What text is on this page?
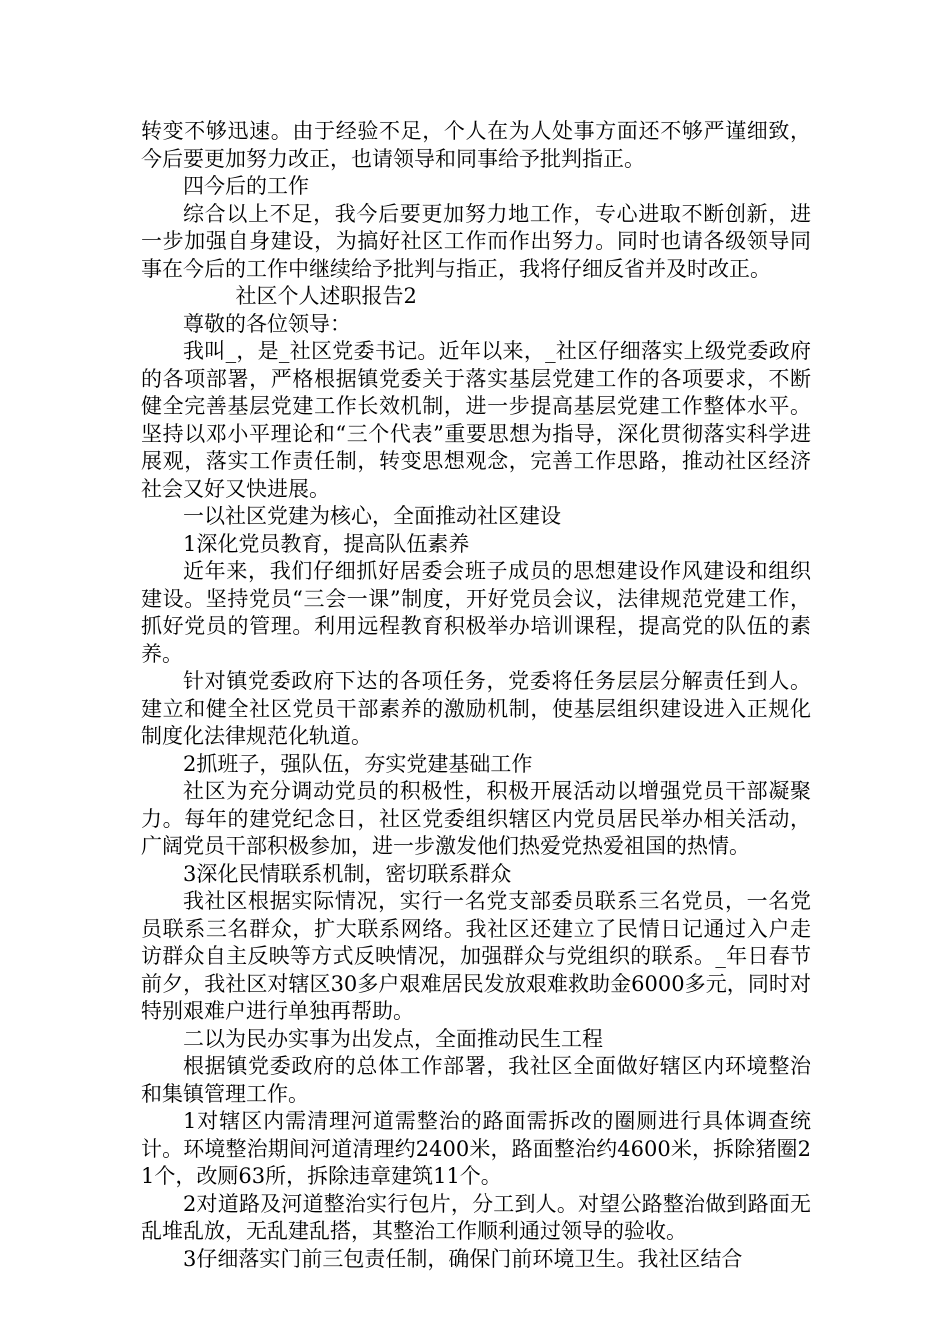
转变不够迅速。由于经验不足，个人在为人处事方面还不够严谨细致，今后要更加努力改正，也请领导和同事给予批判指正。

四今后的工作

综合以上不足，我今后要更加努力地工作，专心进取不断创新，进一步加强自身建设，为搞好社区工作而作出努力。同时也请各级领导同事在今后的工作中继续给予批判与指正，我将仔细反省并及时改正。

社区个人述职报告2

尊敬的各位领导：

我叫_，是_社区党委书记。近年以来，_社区仔细落实上级党委政府的各项部署，严格根据镇党委关于落实基层党建工作的各项要求，不断健全完善基层党建工作长效机制，进一步提高基层党建工作整体水平。坚持以邓小平理论和“三个代表”重要思想为指导，深化贯彻落实科学进展观，落实工作责任制，转变思想观念，完善工作思路，推动社区经济社会又好又快进展。

一以社区党建为核心，全面推动社区建设

1深化党员教育，提高队伍素养

近年来，我们仔细抓好居委会班子成员的思想建设作风建设和组织建设。坚持党员“三会一课”制度，开好党员会议，法律规范党建工作，抓好党员的管理。利用远程教育积极举办培训课程，提高党的队伍的素养。

针对镇党委政府下达的各项任务，党委将任务层层分解责任到人。建立和健全社区党员干部素养的激励机制，使基层组织建设进入正规化制度化法律规范化轨道。

2抓班子，强队伍，夯实党建基础工作

社区为充分调动党员的积极性，积极开展活动以增强党员干部凝聚力。每年的建党纪念日，社区党委组织辖区内党员居民举办相关活动，广阔党员干部积极参加，进一步激发他们热爱党热爱祖国的热情。

3深化民情联系机制，密切联系群众

我社区根据实际情况，实行一名党支部委员联系三名党员，一名党员联系三名群众，扩大联系网络。我社区还建立了民情日记通过入户走访群众自主反映等方式反映情况，加强群众与党组织的联系。_年日春节前夕，我社区对辖区30多户艰难居民发放艰难救助金6000多元，同时对特别艰难户进行单独再帮助。

二以为民办实事为出发点，全面推动民生工程

根据镇党委政府的总体工作部署，我社区全面做好辖区内环境整治和集镇管理工作。

1对辖区内需清理河道需整治的路面需拆改的圈厕进行具体调查统计。环境整治期间河道清理约2400米，路面整治约4600米，拆除猪圈21个，改厕63所，拆除违章建筑11个。

2对道路及河道整治实行包片，分工到人。对望公路整治做到路面无乱堆乱放，无乱建乱搭，其整治工作顺利通过领导的验收。

3仔细落实门前三包责任制，确保门前环境卫生。我社区结合
